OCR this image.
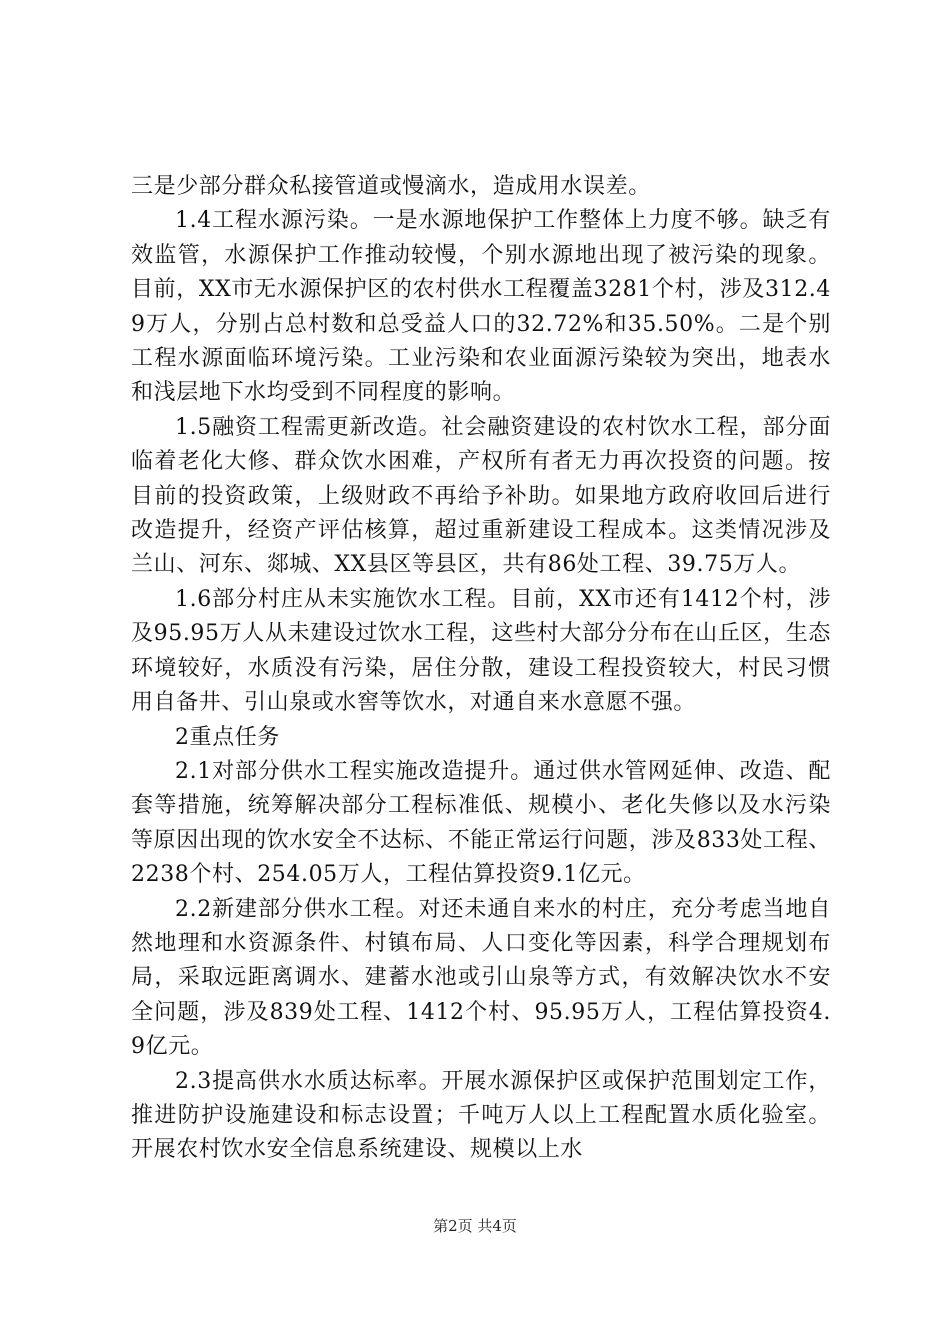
三是少部分群众私接管道或慢滴水，造成用水误差。

1.4工程水源污染。一是水源地保护工作整体上力度不够。缺乏有效监管，水源保护工作推动较慢，个别水源地出现了被污染的现象。目前，XX市无水源保护区的农村供水工程覆盖3281个村，涉及312.49万人，分别占总村数和总受益人口的32.72%和35.50%。二是个别工程水源面临环境污染。工业污染和农业面源污染较为突出，地表水和浅层地下水均受到不同程度的影响。

1.5融资工程需更新改造。社会融资建设的农村饮水工程，部分面临着老化大修、群众饮水困难，产权所有者无力再次投资的问题。按目前的投资政策，上级财政不再给予补助。如果地方政府收回后进行改造提升，经资产评估核算，超过重新建设工程成本。这类情况涉及兰山、河东、郯城、XX县区等县区，共有86处工程、39.75万人。

1.6部分村庄从未实施饮水工程。目前，XX市还有1412个村，涉及95.95万人从未建设过饮水工程，这些村大部分分布在山丘区，生态环境较好，水质没有污染，居住分散，建设工程投资较大，村民习惯用自备井、引山泉或水窖等饮水，对通自来水意愿不强。

2重点任务

2.1对部分供水工程实施改造提升。通过供水管网延伸、改造、配套等措施，统筹解决部分工程标准低、规模小、老化失修以及水污染等原因出现的饮水安全不达标、不能正常运行问题，涉及833处工程、2238个村、254.05万人，工程估算投资9.1亿元。

2.2新建部分供水工程。对还未通自来水的村庄，充分考虑当地自然地理和水资源条件、村镇布局、人口变化等因素，科学合理规划布局，采取远距离调水、建蓄水池或引山泉等方式，有效解决饮水不安全问题，涉及839处工程、1412个村、95.95万人，工程估算投资4.9亿元。

2.3提高供水水质达标率。开展水源保护区或保护范围划定工作，推进防护设施建设和标志设置；千吨万人以上工程配置水质化验室。开展农村饮水安全信息系统建设、规模以上水

第2页 共4页
